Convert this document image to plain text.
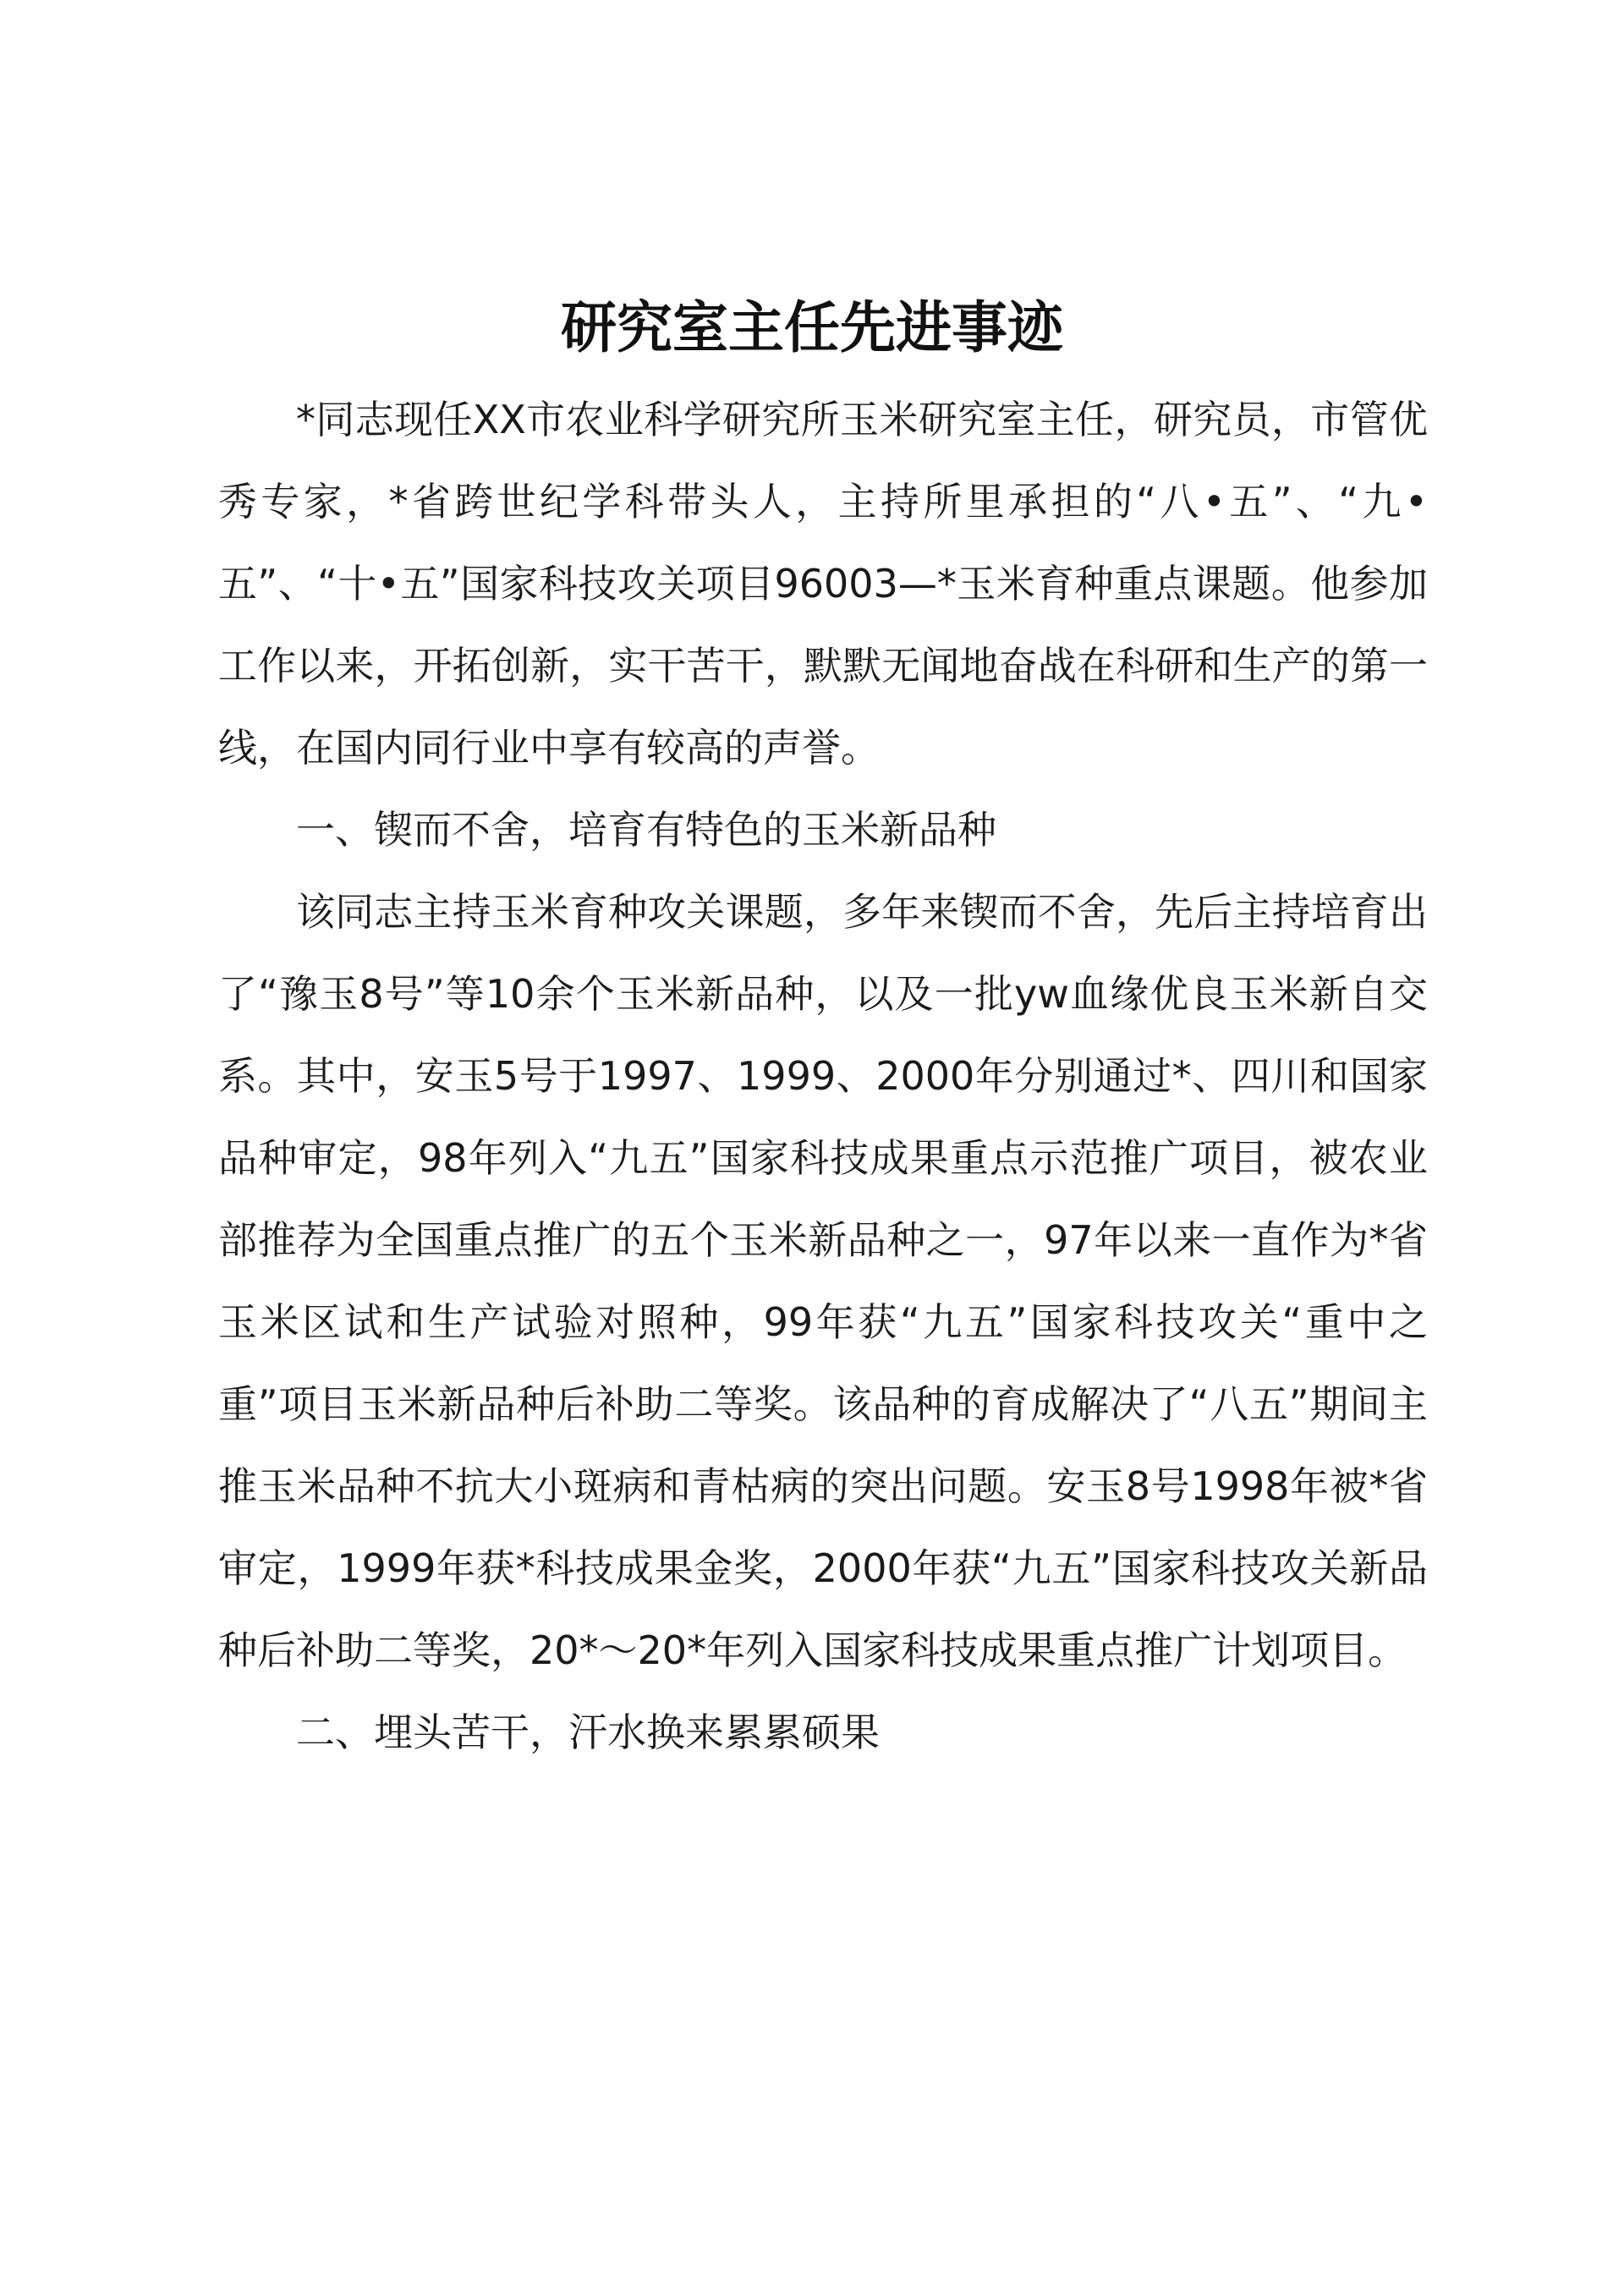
研究室主任先进事迹

*同志现任XX市农业科学研究所玉米研究室主任，研究员，市管优秀专家，*省跨世纪学科带头人，主持所里承担的“八•五”、“九•五”、“十•五”国家科技攻关项目96003—*玉米育种重点课题。他参加工作以来，开拓创新，实干苦干，默默无闻地奋战在科研和生产的第一线，在国内同行业中享有较高的声誉。

一、锲而不舍，培育有特色的玉米新品种

该同志主持玉米育种攻关课题，多年来锲而不舍，先后主持培育出了“豫玉8号”等10余个玉米新品种，以及一批yw血缘优良玉米新自交系。其中，安玉5号于1997、1999、2000年分别通过*、四川和国家品种审定，98年列入“九五”国家科技成果重点示范推广项目，被农业部推荐为全国重点推广的五个玉米新品种之一，97年以来一直作为*省玉米区试和生产试验对照种，99年获“九五”国家科技攻关“重中之重”项目玉米新品种后补助二等奖。该品种的育成解决了“八五”期间主推玉米品种不抗大小斑病和青枯病的突出问题。安玉8号1998年被*省审定，1999年获*科技成果金奖，2000年获“九五”国家科技攻关新品种后补助二等奖，20*～20*年列入国家科技成果重点推广计划项目。

二、埋头苦干，汗水换来累累硕果
